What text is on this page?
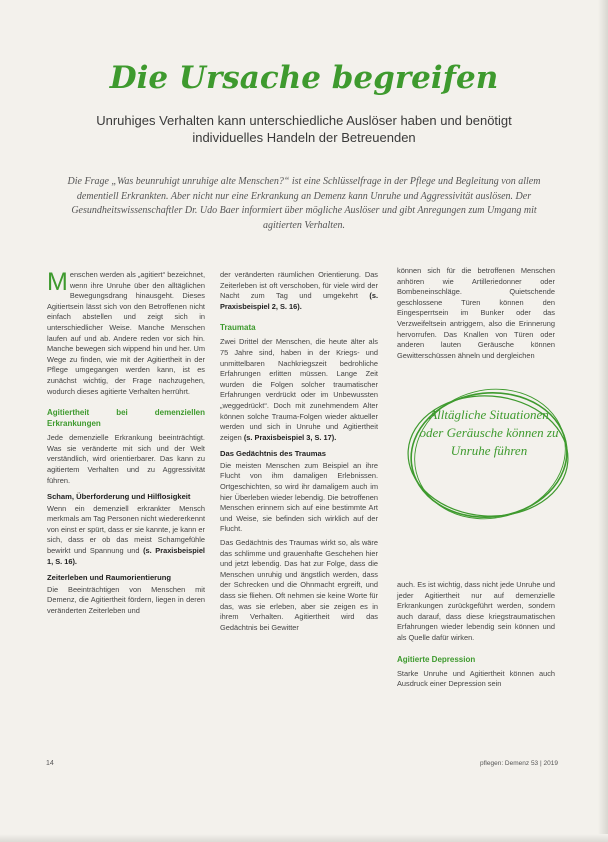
Die Ursache begreifen

Unruhiges Verhalten kann unterschiedliche Auslöser haben und benötigt individuelles Handeln der Betreuenden

Die Frage „Was beunruhigt unruhige alte Menschen?“ ist eine Schlüsselfrage in der Pflege und Begleitung von allem dementiell Erkrankten. Aber nicht nur eine Erkrankung an Demenz kann Unruhe und Aggressivität auslösen. Der Gesundheitswissenschaftler Dr. Udo Baer informiert über mögliche Auslöser und gibt Anregungen zum Umgang mit agitierten Verhalten.

Menschen werden als „agitiert“ bezeichnet, wenn ihre Unruhe über den alltäglichen Bewegungsdrang hinausgeht. Dieses Agitiertsein lässt sich von den Betroffenen nicht einfach abstellen und zeigt sich in unterschiedlicher Weise. Manche Menschen laufen auf und ab. Andere reden vor sich hin. Manche bewegen sich wippend hin und her. Um Wege zu finden, wie mit der Agitiertheit in der Pflege umgegangen werden kann, ist es zunächst wichtig, der Frage nachzugehen, wodurch dieses agitierte Verhalten herrührt.

Agitiertheit bei demenziellen Erkrankungen

Jede demenzielle Erkrankung beeinträchtigt. Was sie veränderte mit sich und der Welt verständlich, wird orientierbarer. Das kann zu agitiertem Verhalten und zu Aggressivität führen.

Scham, Überforderung und Hilflosigkeit

Wenn ein demenziell erkrankter Mensch merkmals am Tag Personen nicht wiedererkennt von einst er spürt, dass er sie kannte, je kann er sich, dass er ob das meist Schamgefühle bewirkt und Spannung und (s. Praxisbeispiel 1, S. 16).

Zeiterleben und Raumorientierung

Die Beeinträchtigen von Menschen mit Demenz, die Agitiertheit fördern, liegen in deren veränderten Zeiterleben und

der veränderten räumlichen Orientierung. Das Zeiterleben ist oft verschoben, für viele wird der Nacht zum Tag und umgekehrt (s. Praxisbeispiel 2, S. 16).

Traumata

Zwei Drittel der Menschen, die heute älter als 75 Jahre sind, haben in der Kriegs- und unmittelbaren Nachkriegszeit bedrohliche Erfahrungen erlitten müssen. Lange Zeit wurden die Folgen solcher traumatischer Erfahrungen verdrückt oder im Unbewussten „weggedrückt“. Doch mit zunehmendem Alter können solche Trauma-Folgen wieder aktueller werden und sich in Unruhe und Agitiertheit zeigen (s. Praxisbeispiel 3, S. 17).

Das Gedächtnis des Traumas

Die meisten Menschen zum Beispiel an ihre Flucht von ihm damaligen Erlebnissen. Ortgeschichten, so wird ihr damaligem auch im hier Überleben wieder lebendig. Die betroffenen Menschen erinnern sich auf eine bestimmte Art und Weise, sie befinden sich wirklich auf der Flucht.

Das Gedächtnis des Traumas wirkt so, als wäre das schlimme und grauenhafte Geschehen hier und jetzt lebendig. Das hat zur Folge, dass die Menschen unruhig und ängstlich werden, dass der Schrecken und die Ohnmacht ergreift, und dass sie fliehen. Oft nehmen sie keine Worte für das, was sie erleben, aber sie zeigen es in ihrem Verhalten. Agitiertheit wird das Gedächtnis bei Gewitter

können sich für die betroffenen Menschen anhören wie Artilleriedonner oder Bombeneinschläge. Quietschende geschlossene Türen können den Eingesperrtsein im Bunker oder das Verzweifeltsein antriggern, also die Erinnerung hervorrufen. Das Knallen von Türen oder anderen lauten Geräusche können Gewitterschüssen ähneln und dergleichen

Alltägliche Situationen oder Geräusche können zu Unruhe führen

auch. Es ist wichtig, dass nicht jede Unruhe und jeder Agitiertheit nur auf demenzielle Erkrankungen zurückgeführt werden, sondern auch darauf, dass diese kriegstraumatischen Erfahrungen wieder lebendig sein können und als Quelle dafür wirken.

Agitierte Depression

Starke Unruhe und Agitiertheit können auch Ausdruck einer Depression sein

14	pflegen: Demenz 53 | 2019
